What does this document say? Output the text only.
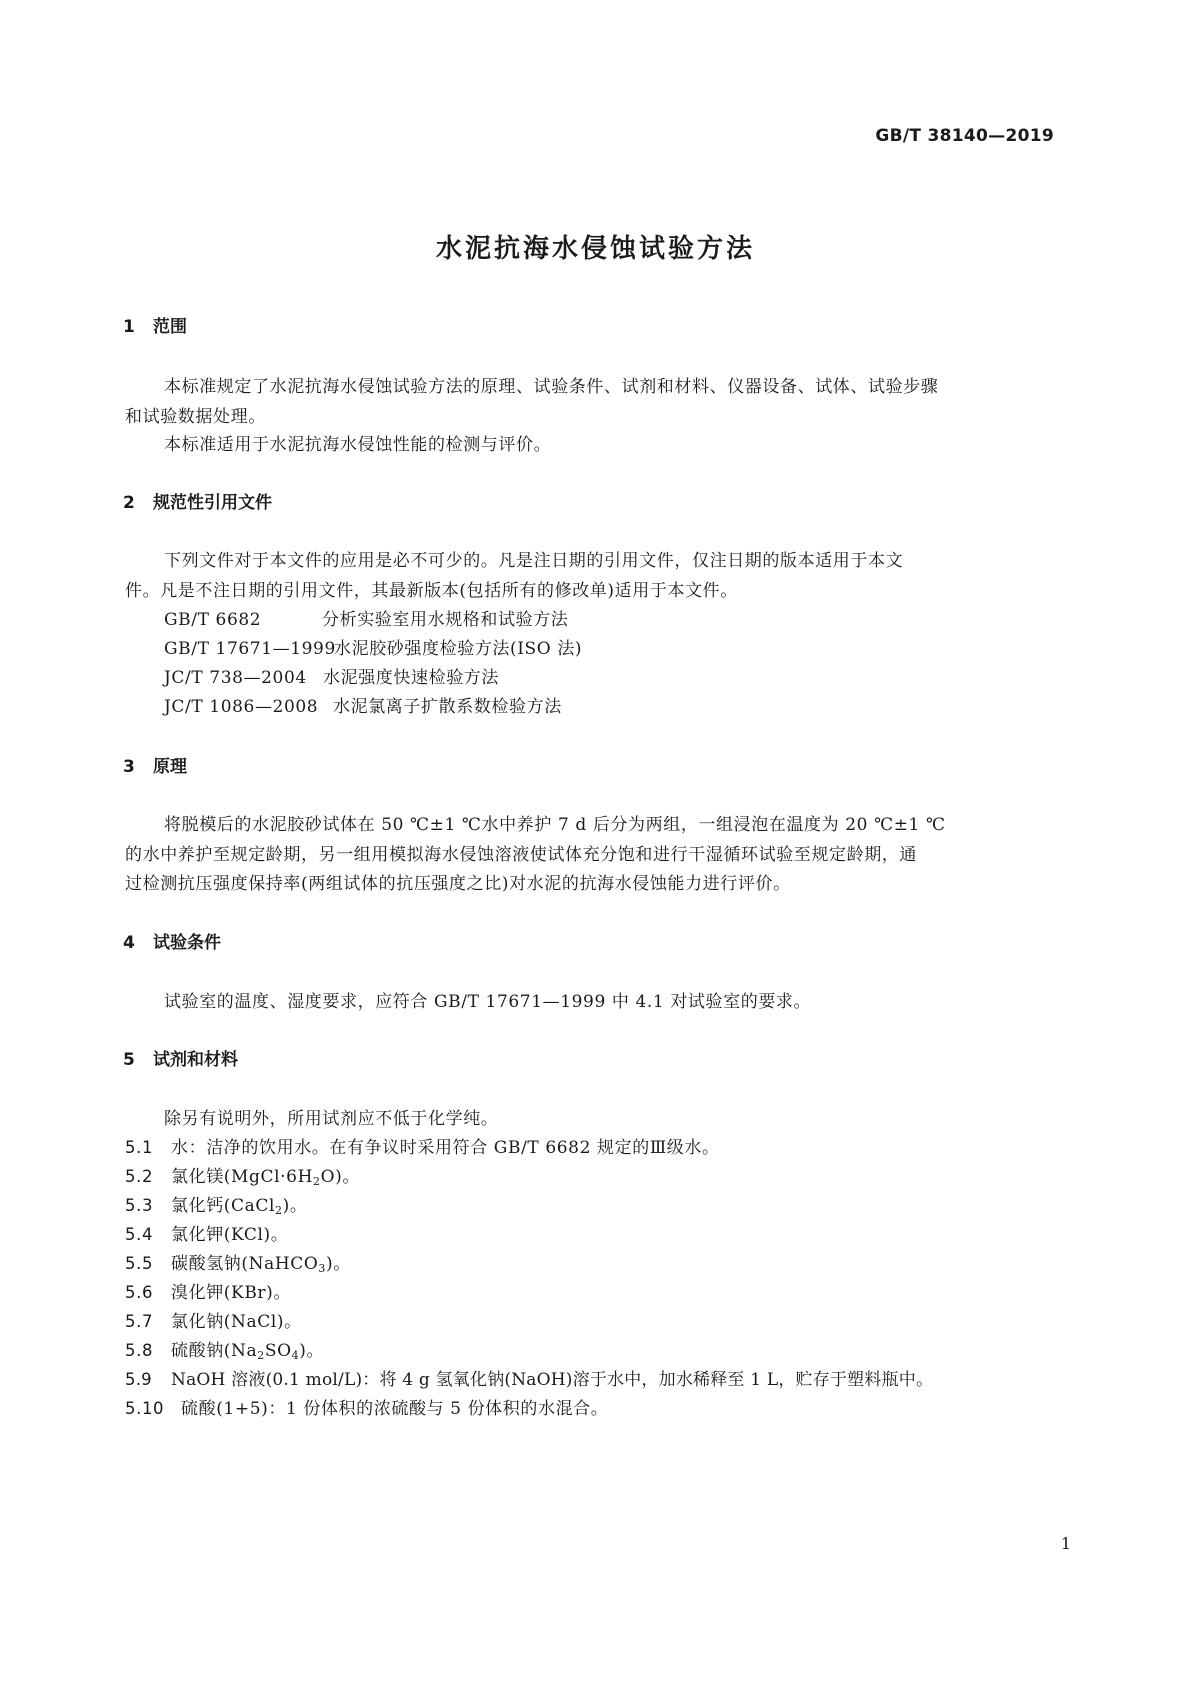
GB/T 38140—2019
水泥抗海水侵蚀试验方法
1 范围
本标准规定了水泥抗海水侵蚀试验方法的原理、试验条件、试剂和材料、仪器设备、试体、试验步骤
和试验数据处理。
本标准适用于水泥抗海水侵蚀性能的检测与评价。
2 规范性引用文件
下列文件对于本文件的应用是必不可少的。凡是注日期的引用文件，仅注日期的版本适用于本文
件。凡是不注日期的引用文件，其最新版本(包括所有的修改单)适用于本文件。
GB/T 6682	分析实验室用水规格和试验方法
GB/T 17671—1999水泥胶砂强度检验方法(ISO 法)
JC/T 738—2004 水泥强度快速检验方法
JC/T 1086—2008 水泥氯离子扩散系数检验方法
3 原理
将脱模后的水泥胶砂试体在 50 ℃±1 ℃水中养护 7 d 后分为两组，一组浸泡在温度为 20 ℃±1 ℃
的水中养护至规定龄期，另一组用模拟海水侵蚀溶液使试体充分饱和进行干湿循环试验至规定龄期，通
过检测抗压强度保持率(两组试体的抗压强度之比)对水泥的抗海水侵蚀能力进行评价。
4 试验条件
试验室的温度、湿度要求，应符合 GB/T 17671—1999 中 4.1 对试验室的要求。
5 试剂和材料
除另有说明外，所用试剂应不低于化学纯。
5.1 水：洁净的饮用水。在有争议时采用符合 GB/T 6682 规定的Ⅲ级水。
5.2 氯化镁$(MgCl\cdot 6H_2O)$。
5.3 氯化钙(CaCl$_2$)。
5.4 氯化钾(KCl)。
5.5 碳酸氢钠(NaHCO$_3$)。
5.6 溴化钾(KBr)。
5.7 氯化钠(NaCl)。
5.8 硫酸钠$(Na_2SO_4)$。
5.9 NaOH 溶液(0.1 mol/L)：将 4 g 氢氧化钠(NaOH)溶于水中，加水稀释至 1 L，贮存于塑料瓶中。
5.10 硫酸(1+5)：1 份体积的浓硫酸与 5 份体积的水混合。
1
